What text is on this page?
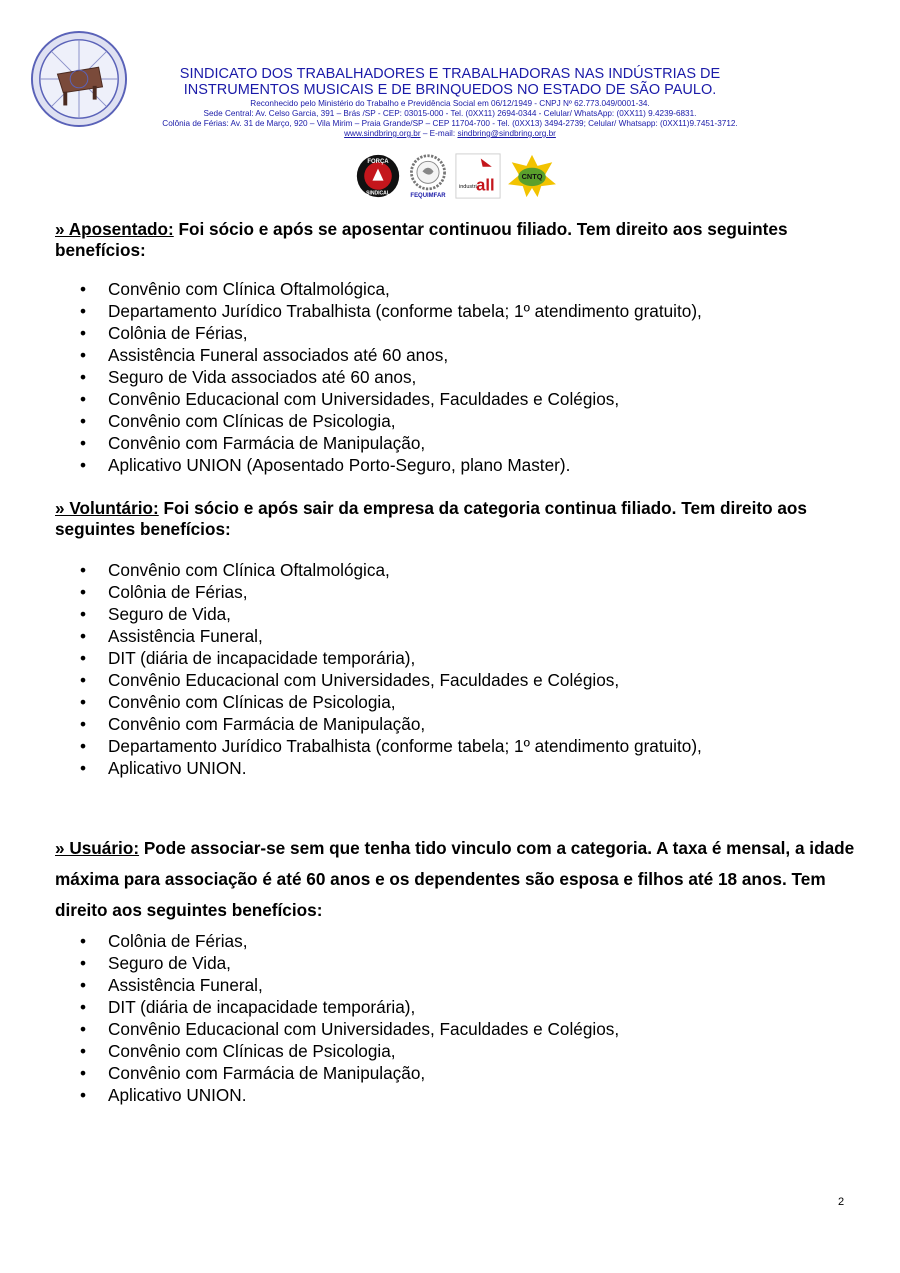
SINDICATO DOS TRABALHADORES E TRABALHADORAS NAS INDÚSTRIAS DE
INSTRUMENTOS MUSICAIS E DE BRINQUEDOS NO ESTADO DE SÃO PAULO.
Reconhecido pelo Ministério do Trabalho e Previdência Social em 06/12/1949 - CNPJ Nº 62.773.049/0001-34.
Sede Central: Av. Celso Garcia, 391 – Brás /SP - CEP: 03015-000 - Tel. (0XX11) 2694-0344 - Celular/ WhatsApp: (0XX11) 9.4239-6831.
Colônia de Férias: Av. 31 de Março, 920 – Vila Mirim – Praia Grande/SP – CEP 11704-700 - Tel. (0XX13) 3494-2739; Celular/ Whatsapp: (0XX11)9.7451-3712.
www.sindbring.org.br – E-mail: sindbring@sindbring.org.br
FORÇA
SINDICAL	FEQUIMFAR
industri all	CNTQ

» Aposentado: Foi sócio e após se aposentar continuou filiado. Tem direito aos seguintes benefícios:

• Convênio com Clínica Oftalmológica,
• Departamento Jurídico Trabalhista (conforme tabela; 1º atendimento gratuito),
• Colônia de Férias,
• Assistência Funeral associados até 60 anos,
• Seguro de Vida associados até 60 anos,
• Convênio Educacional com Universidades, Faculdades e Colégios,
• Convênio com Clínicas de Psicologia,
• Convênio com Farmácia de Manipulação,
• Aplicativo UNION (Aposentado Porto-Seguro, plano Master).

» Voluntário: Foi sócio e após sair da empresa da categoria continua filiado. Tem direito aos seguintes benefícios:

• Convênio com Clínica Oftalmológica,
• Colônia de Férias,
• Seguro de Vida,
• Assistência Funeral,
• DIT (diária de incapacidade temporária),
• Convênio Educacional com Universidades, Faculdades e Colégios,
• Convênio com Clínicas de Psicologia,
• Convênio com Farmácia de Manipulação,
• Departamento Jurídico Trabalhista (conforme tabela; 1º atendimento gratuito),
• Aplicativo UNION.

» Usuário: Pode associar-se sem que tenha tido vinculo com a categoria. A taxa é mensal, a idade máxima para associação é até 60 anos e os dependentes são esposa e filhos até 18 anos. Tem direito aos seguintes benefícios:

• Colônia de Férias,
• Seguro de Vida,
• Assistência Funeral,
• DIT (diária de incapacidade temporária),
• Convênio Educacional com Universidades, Faculdades e Colégios,
• Convênio com Clínicas de Psicologia,
• Convênio com Farmácia de Manipulação,
• Aplicativo UNION.
2
